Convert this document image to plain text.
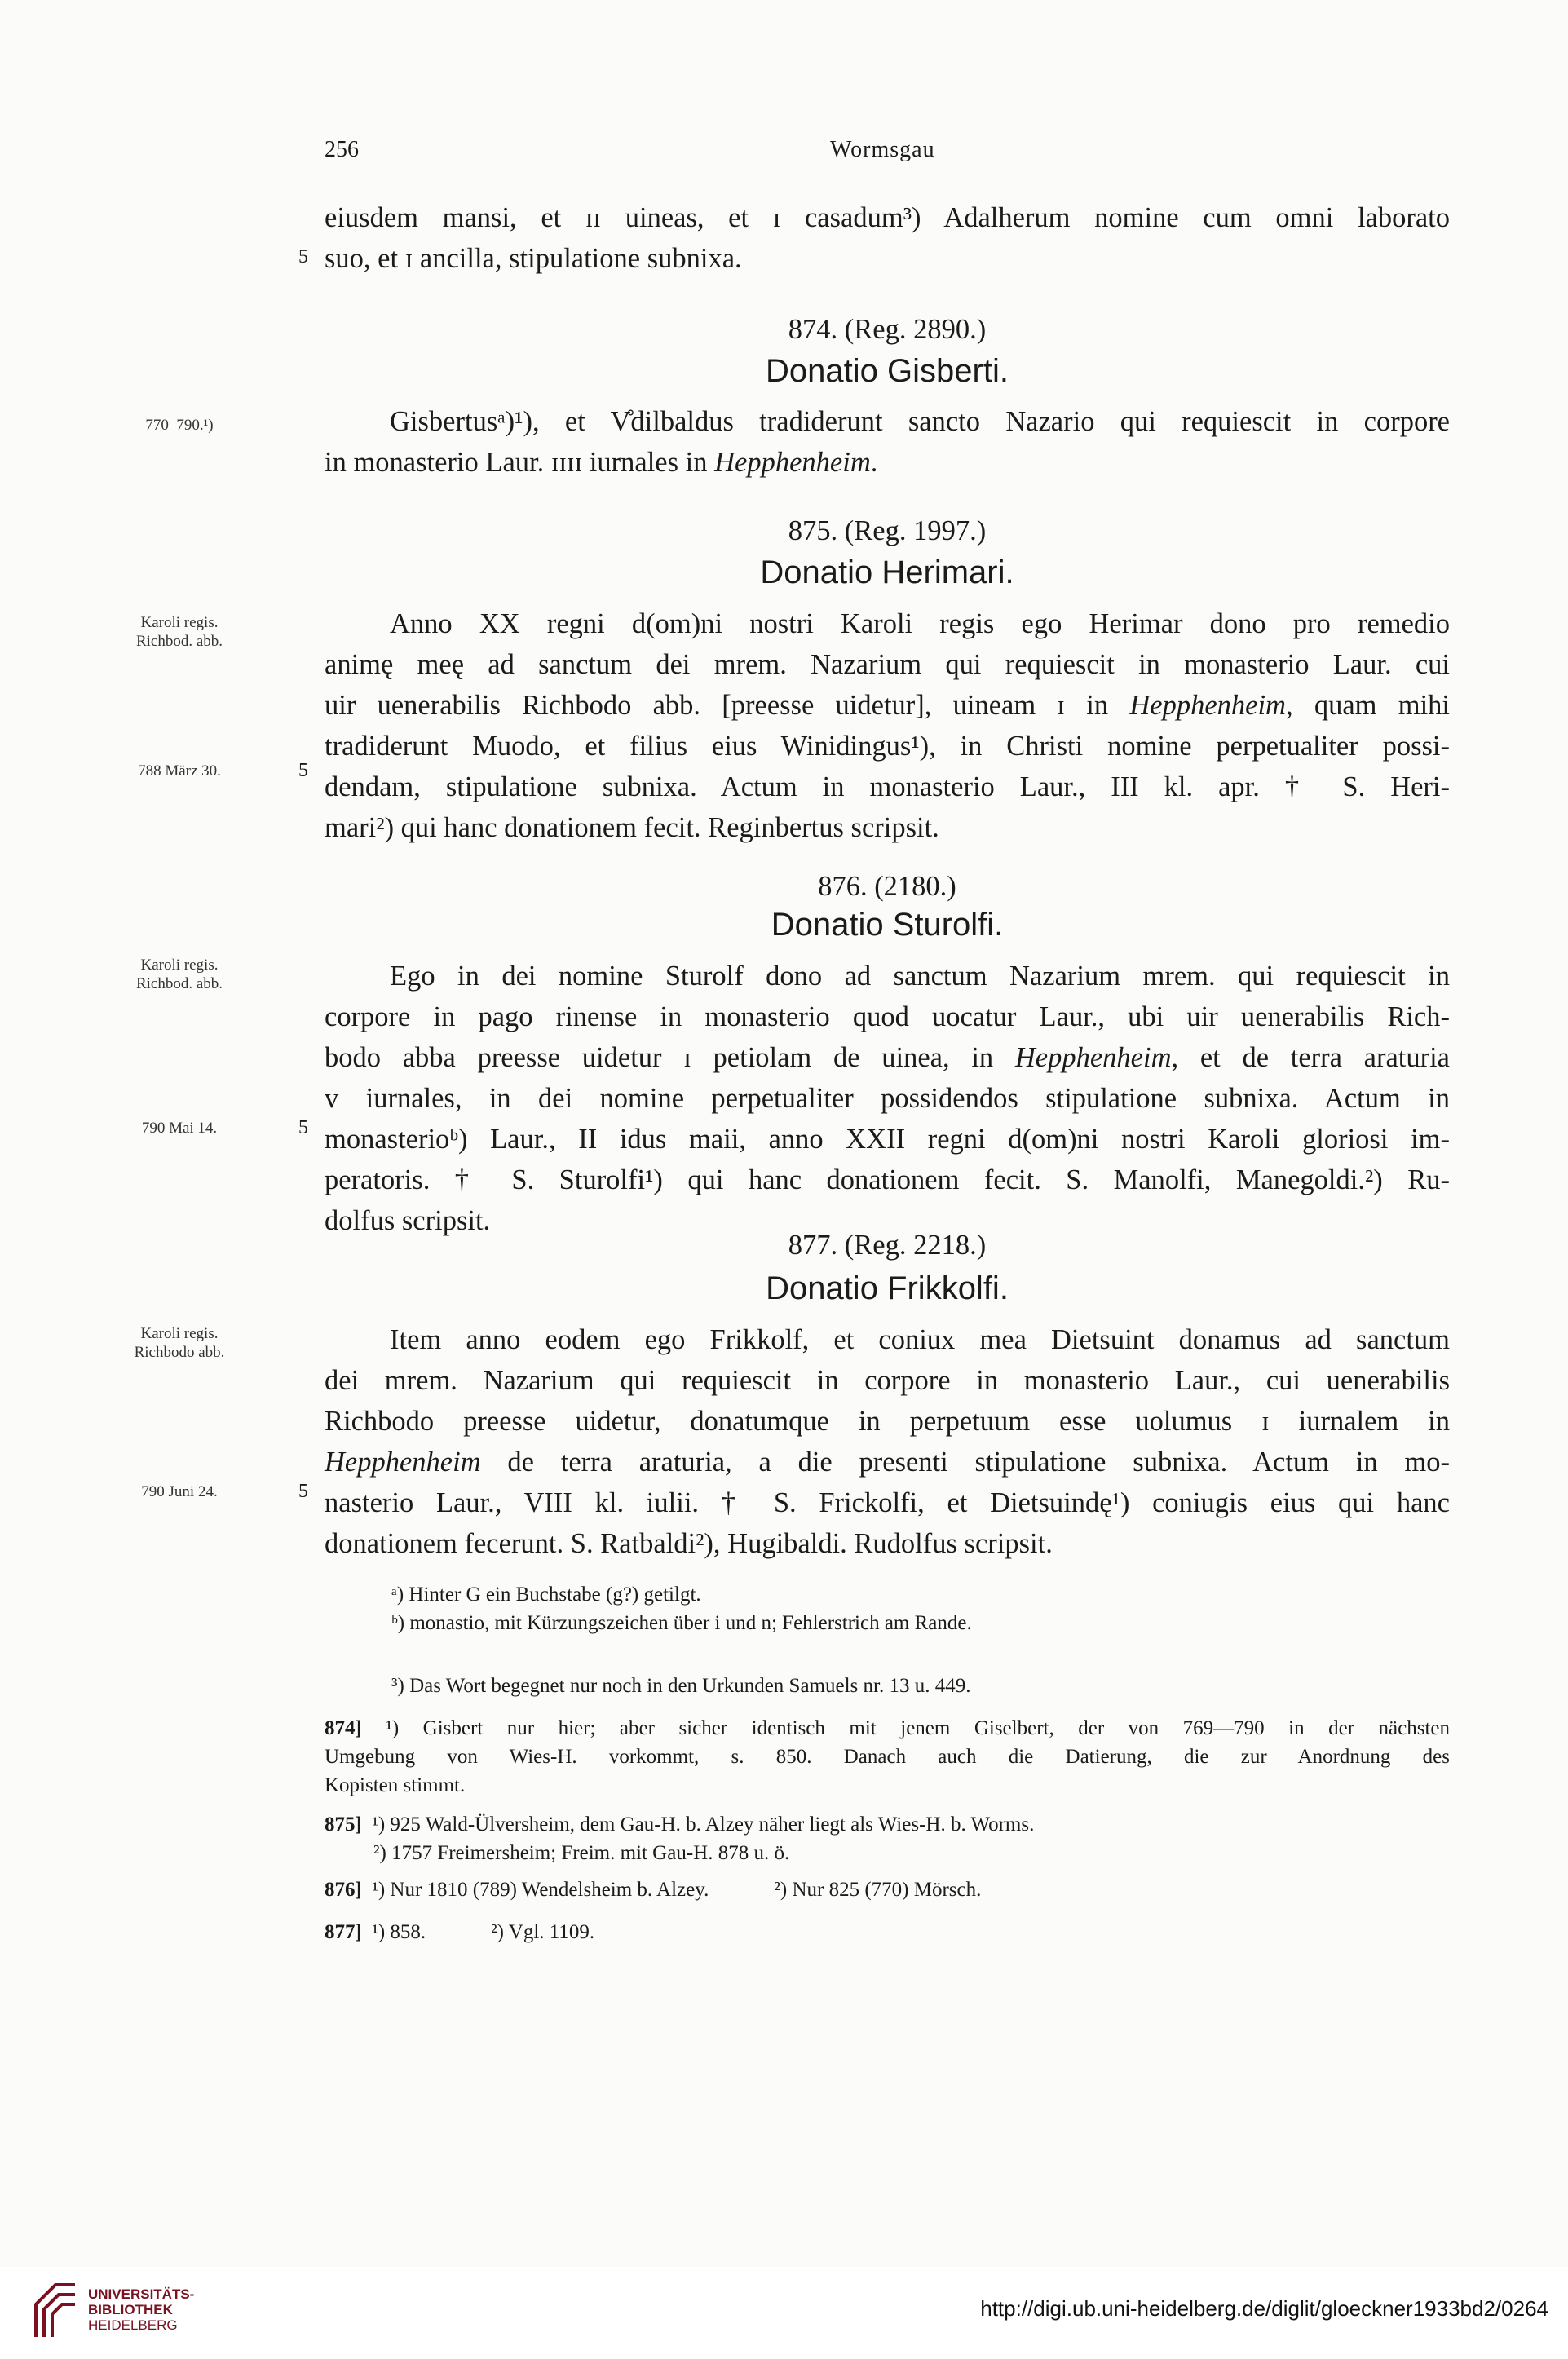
256	Wormsgau
eiusdem mansi, et ɪɪ uineas, et ɪ casadum³) Adalherum nomine cum omni laborato
suo, et ɪ ancilla, stipulatione subnixa.
5
874. (Reg. 2890.)
Donatio Gisberti.
770–790.¹)	Gisbertusᵃ)¹), et V̊dilbaldus tradiderunt sancto Nazario qui requiescit in corpore
in monasterio Laur. ɪɪɪɪ iurnales in Hepphenheim.
875. (Reg. 1997.)
Donatio Herimari.
Karoli regis.
Richbod. abb.
788 März 30.	5
Anno XX regni d(om)ni nostri Karoli regis ego Herimar dono pro remedio
animę meę ad sanctum dei mrem. Nazarium qui requiescit in monasterio Laur. cui
uir uenerabilis Richbodo abb. [preesse uidetur], uineam ɪ in Hepphenheim, quam mihi
tradiderunt Muodo, et filius eius Winidingus¹), in Christi nomine perpetualiter possi-
dendam, stipulatione subnixa. Actum in monasterio Laur., III kl. apr. † S. Heri-
mari²) qui hanc donationem fecit. Reginbertus scripsit.
876. (2180.)
Donatio Sturolfi.
Karoli regis.
Richbod. abb.
790 Mai 14.	5
Ego in dei nomine Sturolf dono ad sanctum Nazarium mrem. qui requiescit in
corpore in pago rinense in monasterio quod uocatur Laur., ubi uir uenerabilis Rich-
bodo abba preesse uidetur ɪ petiolam de uinea, in Hepphenheim, et de terra araturia
ᴠ iurnales, in dei nomine perpetualiter possidendos stipulatione subnixa. Actum in
monasterioᵇ) Laur., II idus maii, anno XXII regni d(om)ni nostri Karoli gloriosi im-
peratoris. † S. Sturolfi¹) qui hanc donationem fecit. S. Manolfi, Manegoldi.²) Ru-
dolfus scripsit.
877. (Reg. 2218.)
Donatio Frikkolfi.
Karoli regis.
Richbodo abb.
790 Juni 24.	5
Item anno eodem ego Frikkolf, et coniux mea Dietsuint donamus ad sanctum
dei mrem. Nazarium qui requiescit in corpore in monasterio Laur., cui uenerabilis
Richbodo preesse uidetur, donatumque in perpetuum esse uolumus ɪ iurnalem in
Hepphenheim de terra araturia, a die presenti stipulatione subnixa. Actum in mo-
nasterio Laur., VIII kl. iulii. † S. Frickolfi, et Dietsuindę¹) coniugis eius qui hanc
donationem fecerunt. S. Ratbaldi²), Hugibaldi. Rudolfus scripsit.
ᵃ) Hinter G ein Buchstabe (g?) getilgt.
ᵇ) monastio, mit Kürzungszeichen über i und n; Fehlerstrich am Rande.
³) Das Wort begegnet nur noch in den Urkunden Samuels nr. 13 u. 449.
874] ¹) Gisbert nur hier; aber sicher identisch mit jenem Giselbert, der von 769—790 in der nächsten
Umgebung von Wies-H. vorkommt, s. 850. Danach auch die Datierung, die zur Anordnung des
Kopisten stimmt.
875] ¹) 925 Wald-Ülversheim, dem Gau-H. b. Alzey näher liegt als Wies-H. b. Worms.
²) 1757 Freimersheim; Freim. mit Gau-H. 878 u. ö.
876] ¹) Nur 1810 (789) Wendelsheim b. Alzey.	²) Nur 825 (770) Mörsch.
877] ¹) 858.	²) Vgl. 1109.
UNIVERSITÄTS-
BIBLIOTHEK
HEIDELBERG
http://digi.ub.uni-heidelberg.de/diglit/gloeckner1933bd2/0264
